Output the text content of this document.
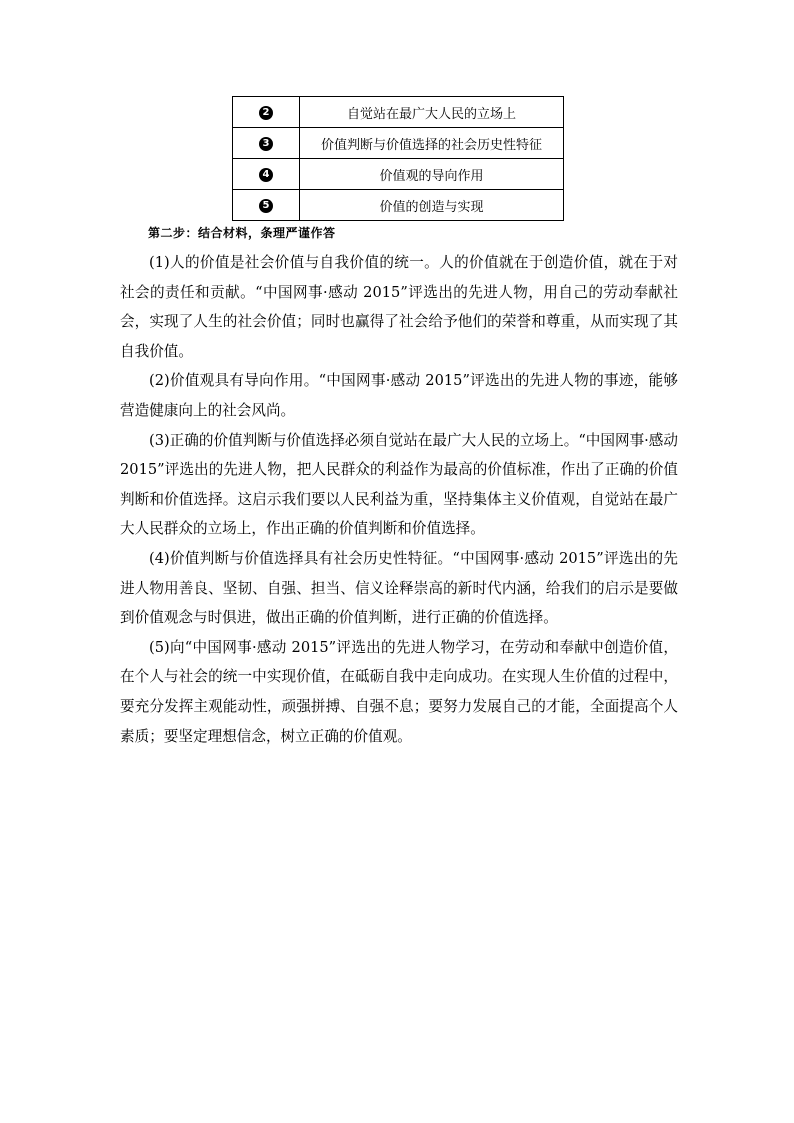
2	自觉站在最广大人民的立场上
3	价值判断与价值选择的社会历史性特征
4	价值观的导向作用
5	价值的创造与实现
第二步：结合材料，条理严谨作答

(1)人的价值是社会价值与自我价值的统一。人的价值就在于创造价值，就在于对社会的责任和贡献。“中国网事·感动 2015”评选出的先进人物，用自己的劳动奉献社会，实现了人生的社会价值；同时也赢得了社会给予他们的荣誉和尊重，从而实现了其自我价值。

(2)价值观具有导向作用。“中国网事·感动 2015”评选出的先进人物的事迹，能够营造健康向上的社会风尚。

(3)正确的价值判断与价值选择必须自觉站在最广大人民的立场上。“中国网事·感动 2015”评选出的先进人物，把人民群众的利益作为最高的价值标准，作出了正确的价值判断和价值选择。这启示我们要以人民利益为重，坚持集体主义价值观，自觉站在最广大人民群众的立场上，作出正确的价值判断和价值选择。

(4)价值判断与价值选择具有社会历史性特征。“中国网事·感动 2015”评选出的先进人物用善良、坚韧、自强、担当、信义诠释崇高的新时代内涵，给我们的启示是要做到价值观念与时俱进，做出正确的价值判断，进行正确的价值选择。

(5)向“中国网事·感动 2015”评选出的先进人物学习，在劳动和奉献中创造价值，在个人与社会的统一中实现价值，在砥砺自我中走向成功。在实现人生价值的过程中，要充分发挥主观能动性，顽强拼搏、自强不息；要努力发展自己的才能，全面提高个人素质；要坚定理想信念，树立正确的价值观。
